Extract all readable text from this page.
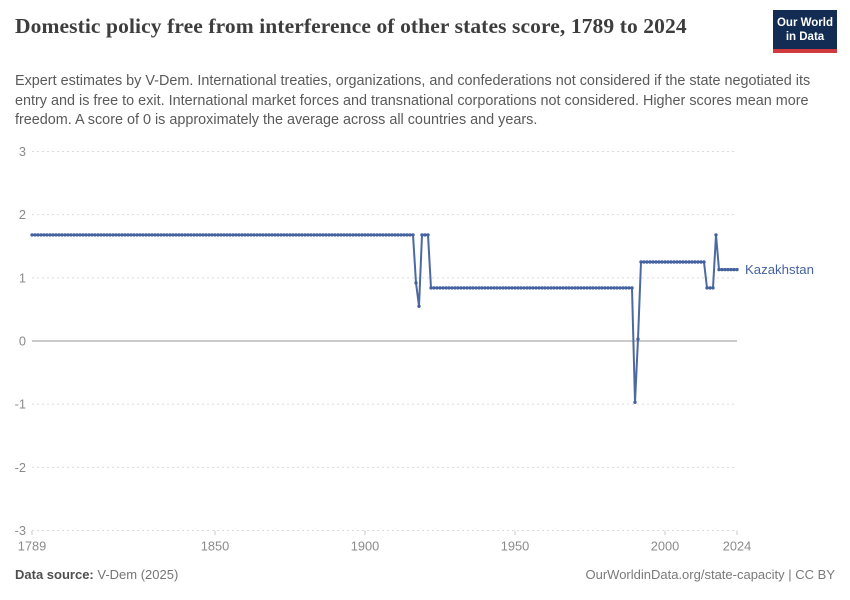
Domestic policy free from interference of other states score, 1789 to 2024	Our World
in Data

Expert estimates by V-Dem. International treaties, organizations, and confederations not considered if the state negotiated its entry and is free to exit. International market forces and transnational corporations not considered. Higher scores mean more freedom. A score of 0 is approximately the average across all countries and years.

3
2
1
0
-1
-2
-3
1789	1850	1900	1950	2000	2024
Kazakhstan
Data source: V-Dem (2025)	OurWorldinData.org/state-capacity | CC BY
